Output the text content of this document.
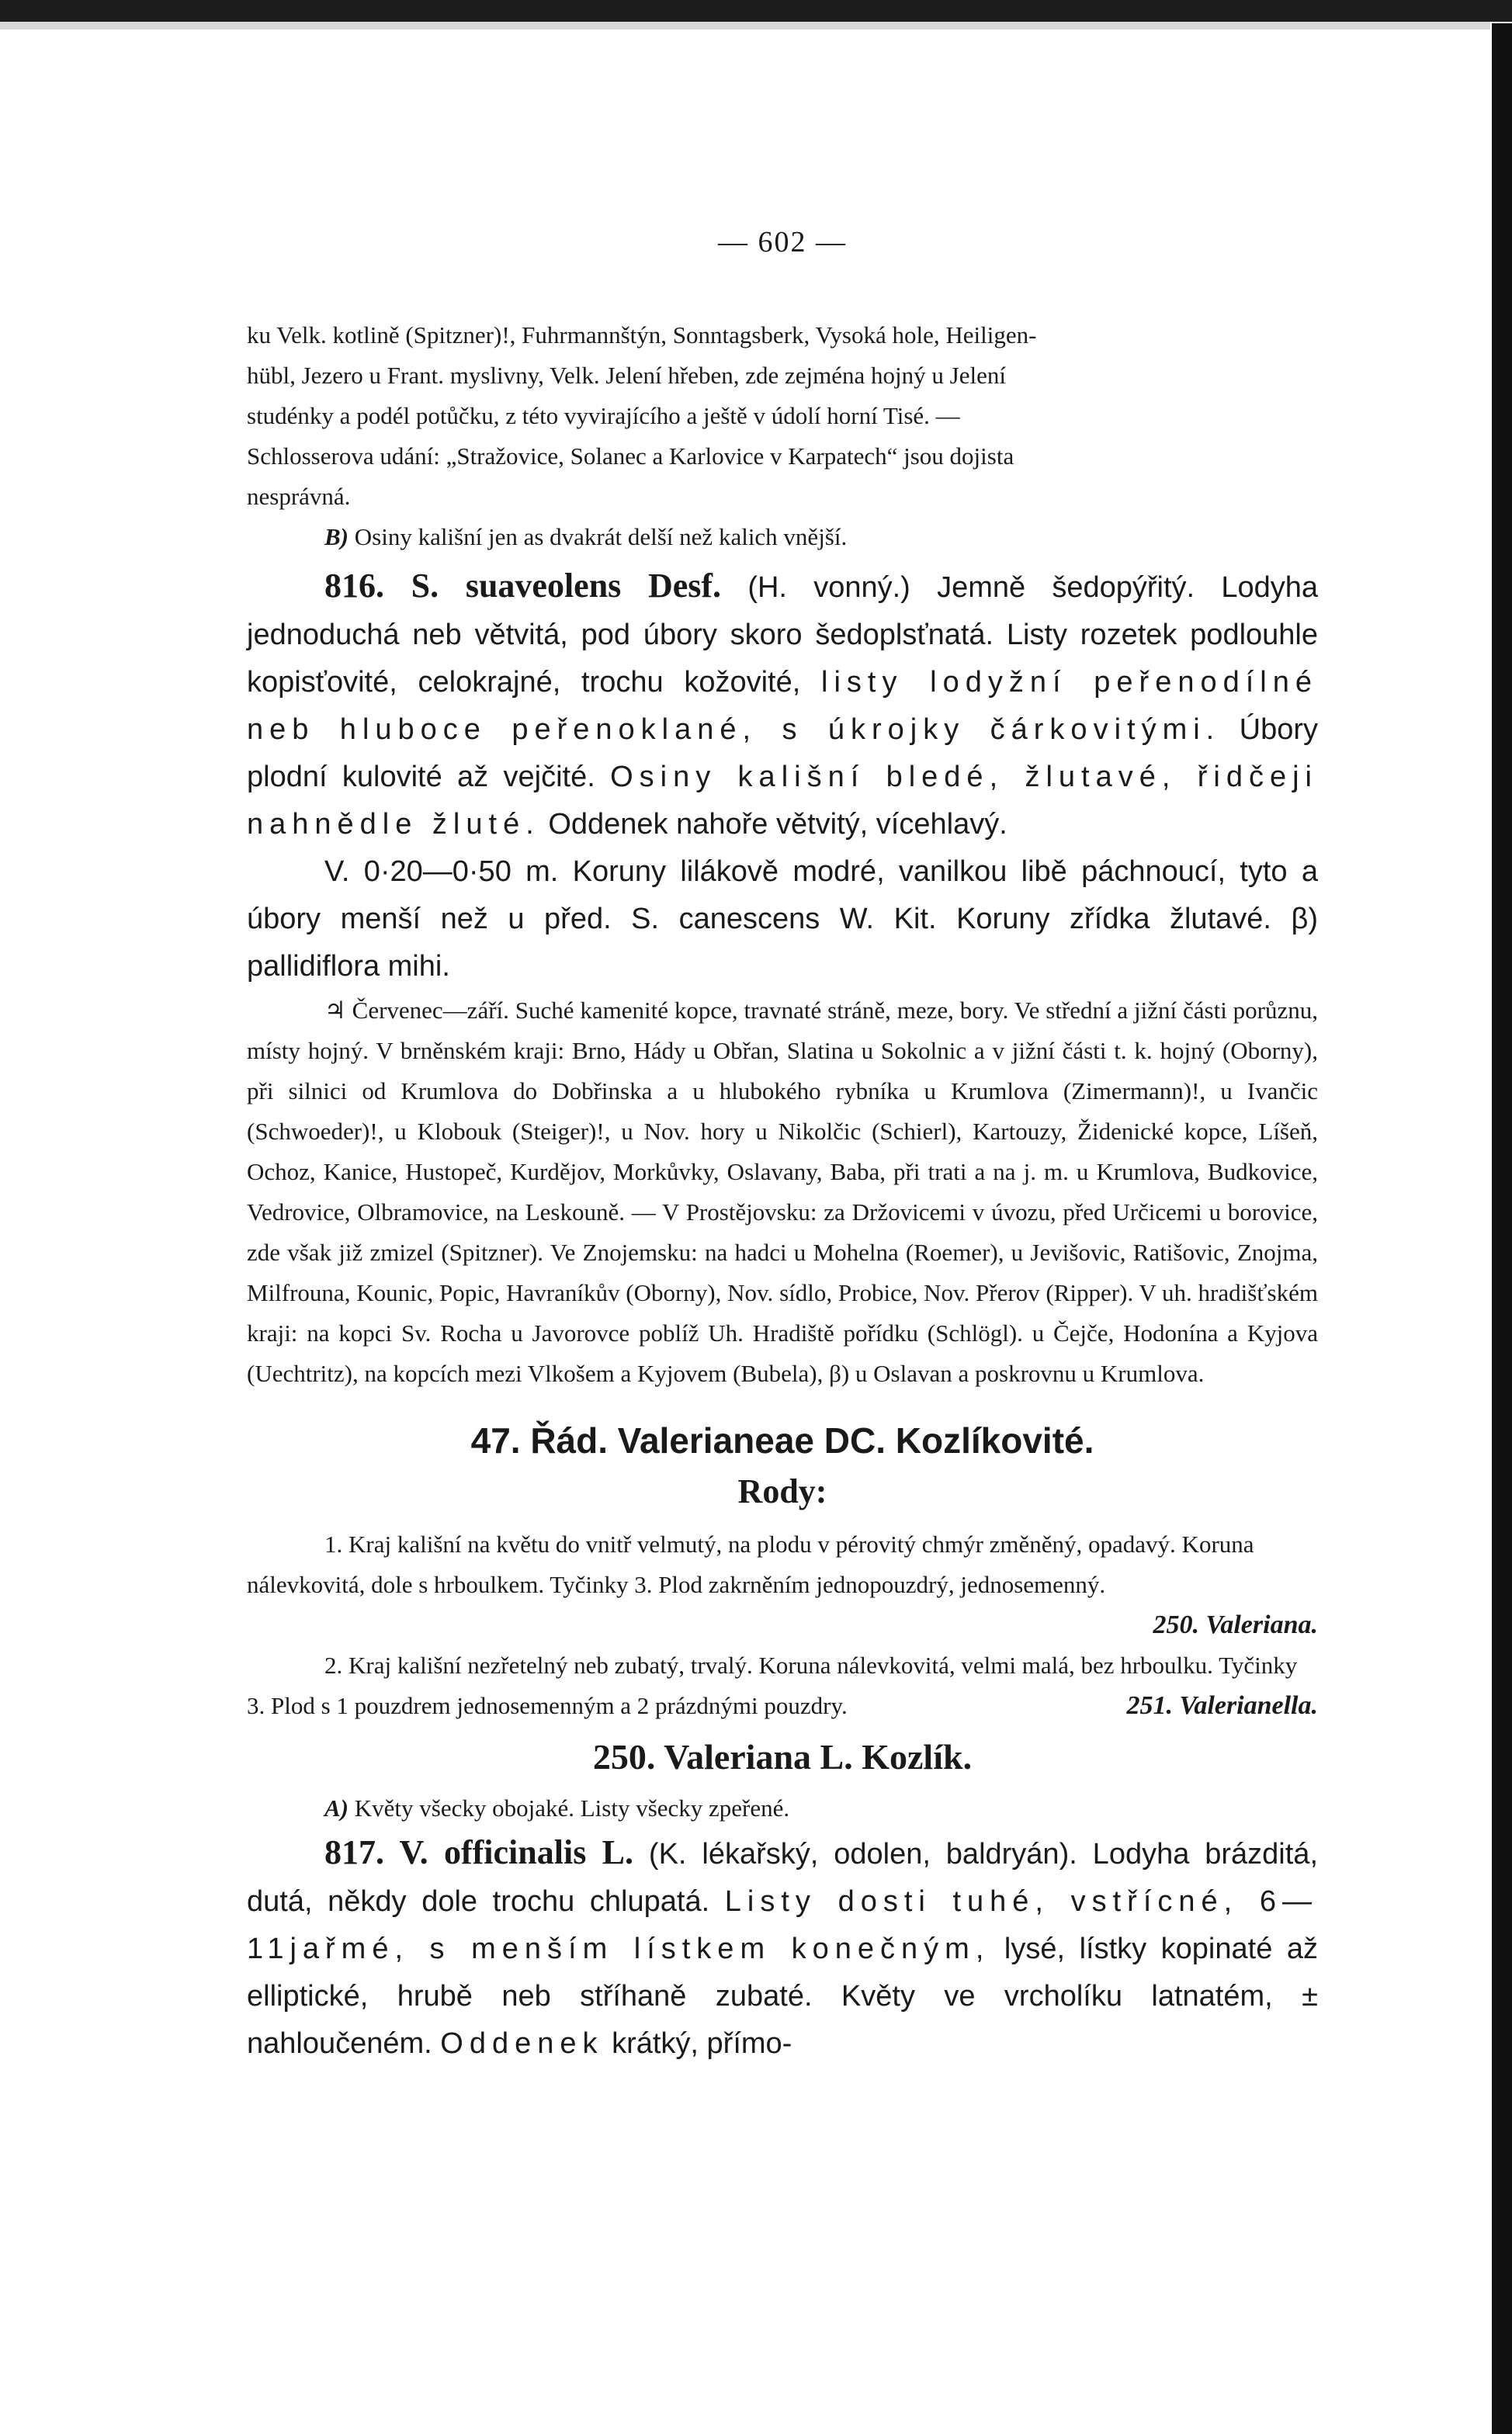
— 602 —

ku Velk. kotlině (Spitzner)!, Fuhrmannštýn, Sonntagsberk, Vysoká hole, Heiligen-

hübl, Jezero u Frant. myslivny, Velk. Jelení hřeben, zde zejména hojný u Jelení

studénky a podél potůčku, z této vyvirajícího a ještě v údolí horní Tisé. —

Schlosserova udání: „Stražovice, Solanec a Karlovice v Karpatech“ jsou dojista

nesprávná.

B) Osiny kališní jen as dvakrát delší než kalich vnější.

816. S. suaveolens Desf. (H. vonný.) Jemně šedopýřitý. Lodyha jednoduchá neb větvitá, pod úbory skoro šedoplsťnatá. Listy rozetek podlouhle kopisťovité, celokrajné, trochu kožovité, listy lodyžní peřenodílné neb hluboce peřenoklané, s úkrojky čárkovitými. Úbory plodní kulovité až vejčité. Osiny kališní bledé, žlutavé, řidčeji nahnědle žluté. Oddenek nahoře větvitý, vícehlavý.

V. 0·20—0·50 m. Koruny lilákově modré, vanilkou libě páchnoucí, tyto a úbory menší než u před. S. canescens W. Kit. Koruny zřídka žlutavé. β) pallidiflora mihi.

♃ Červenec—září. Suché kamenité kopce, travnaté stráně, meze, bory. Ve střední a jižní části porůznu, místy hojný. V brněnském kraji: Brno, Hády u Obřan, Slatina u Sokolnic a v jižní části t. k. hojný (Oborny), při silnici od Krumlova do Dobřinska a u hlubokého rybníka u Krumlova (Zimermann)!, u Ivančic (Schwoeder)!, u Klobouk (Steiger)!, u Nov. hory u Nikolčic (Schierl), Kartouzy, Židenické kopce, Líšeň, Ochoz, Kanice, Hustopeč, Kurdějov, Morkůvky, Oslavany, Baba, při trati a na j. m. u Krumlova, Budkovice, Vedrovice, Olbramovice, na Leskouně. — V Prostějovsku: za Držovicemi v úvozu, před Určicemi u borovice, zde však již zmizel (Spitzner). Ve Znojemsku: na hadci u Mohelna (Roemer), u Jevišovic, Ratišovic, Znojma, Milfrouna, Kounic, Popic, Havraníkův (Oborny), Nov. sídlo, Probice, Nov. Přerov (Ripper). V uh. hradišťském kraji: na kopci Sv. Rocha u Javorovce poblíž Uh. Hradiště pořídku (Schlögl). u Čejče, Hodonína a Kyjova (Uechtritz), na kopcích mezi Vlkošem a Kyjovem (Bubela), β) u Oslavan a poskrovnu u Krumlova.

47. Řád. Valerianeae DC. Kozlíkovité.
Rody:

1. Kraj kališní na květu do vnitř velmutý, na plodu v pérovitý chmýr změněný, opadavý. Koruna nálevkovitá, dole s hrboulkem. Tyčinky 3. Plod zakrněním jednopouzdrý, jednosemenný.
250. Valeriana.

2. Kraj kališní nezřetelný neb zubatý, trvalý. Koruna nálevkovitá, velmi malá, bez hrboulku. Tyčinky 3. Plod s 1 pouzdrem jednosemenným a 2 prázdnými pouzdry.	251. Valerianella.

250. Valeriana L. Kozlík.

A) Květy všecky obojaké. Listy všecky zpeřené.

817. V. officinalis L. (K. lékařský, odolen, baldryán). Lodyha brázditá, dutá, někdy dole trochu chlupatá. Listy dosti tuhé, vstřícné, 6—11jařmé, s menším lístkem konečným, lysé, lístky kopinaté až elliptické, hrubě neb stříhaně zubaté. Květy ve vrcholíku latnatém, ± nahloučeném. Oddenek krátký, přímo-
